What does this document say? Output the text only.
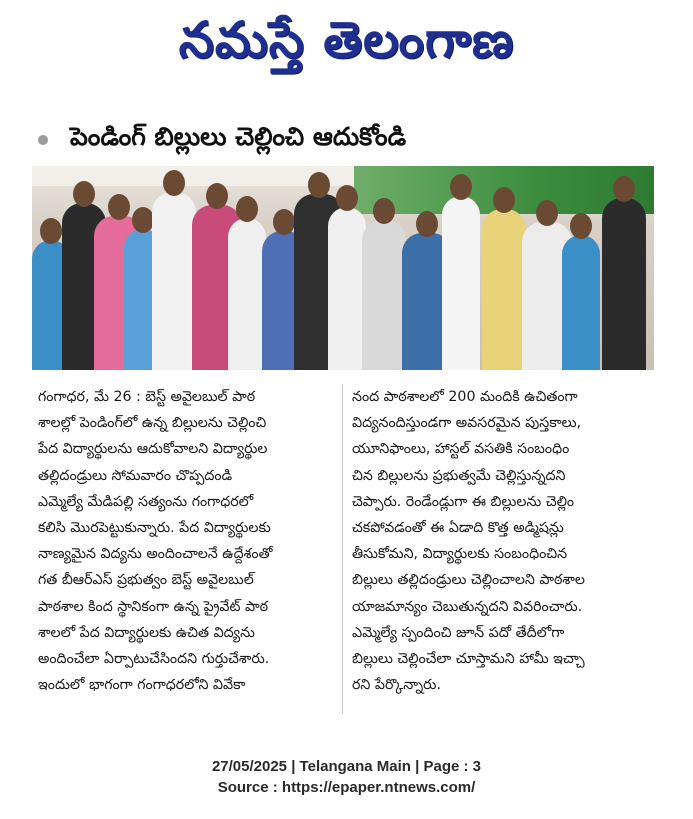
నమస్తే తెలంగాణ
పెండింగ్ బిల్లులు చెల్లించి ఆదుకోండి
గంగాధర, మే 26 : బెస్ట్ అవైలబుల్ పాఠ
శాలల్లో పెండింగ్‌లో ఉన్న బిల్లులను చెల్లించి
పేద విద్యార్థులను ఆదుకోవాలని విద్యార్థుల
తల్లిదండ్రులు సోమవారం చొప్పదండి
ఎమ్మెల్యే మేడిపల్లి సత్యంను గంగాధరలో
కలిసి మొరపెట్టుకున్నారు. పేద విద్యార్థులకు
నాణ్యమైన విద్యను అందించాలనే ఉద్దేశంతో
గత బీఆర్‌ఎస్ ప్రభుత్వం బెస్ట్ అవైలబుల్
పాఠశాల కింద స్థానికంగా ఉన్న ప్రైవేట్ పాఠ
శాలలో పేద విద్యార్థులకు ఉచిత విద్యను
అందించేలా ఏర్పాటుచేసిందని గుర్తుచేశారు.
ఇందులో భాగంగా గంగాధరలోని వివేకా
నంద పాఠశాలలో 200 మందికి ఉచితంగా
విద్యనందిస్తుండగా అవసరమైన పుస్తకాలు,
యూనిఫాంలు, హాస్టల్ వసతికి సంబంధిం
చిన బిల్లులను ప్రభుత్వమే చెల్లిస్తున్నదని
చెప్పారు. రెండేండ్లుగా ఈ బిల్లులను చెల్లిం
చకపోవడంతో ఈ ఏడాది కొత్త అడ్మిషన్లు
తీసుకోమని, విద్యార్థులకు సంబంధించిన
బిల్లులు తల్లిదండ్రులు చెల్లించాలని పాఠశాల
యాజమాన్యం చెబుతున్నదని వివరించారు.
ఎమ్మెల్యే స్పందించి జూన్ పదో తేదీలోగా
బిల్లులు చెల్లించేలా చూస్తామని హామీ ఇచ్చా
రని పేర్కొన్నారు.
27/05/2025 | Telangana Main | Page : 3
Source : https://epaper.ntnews.com/
